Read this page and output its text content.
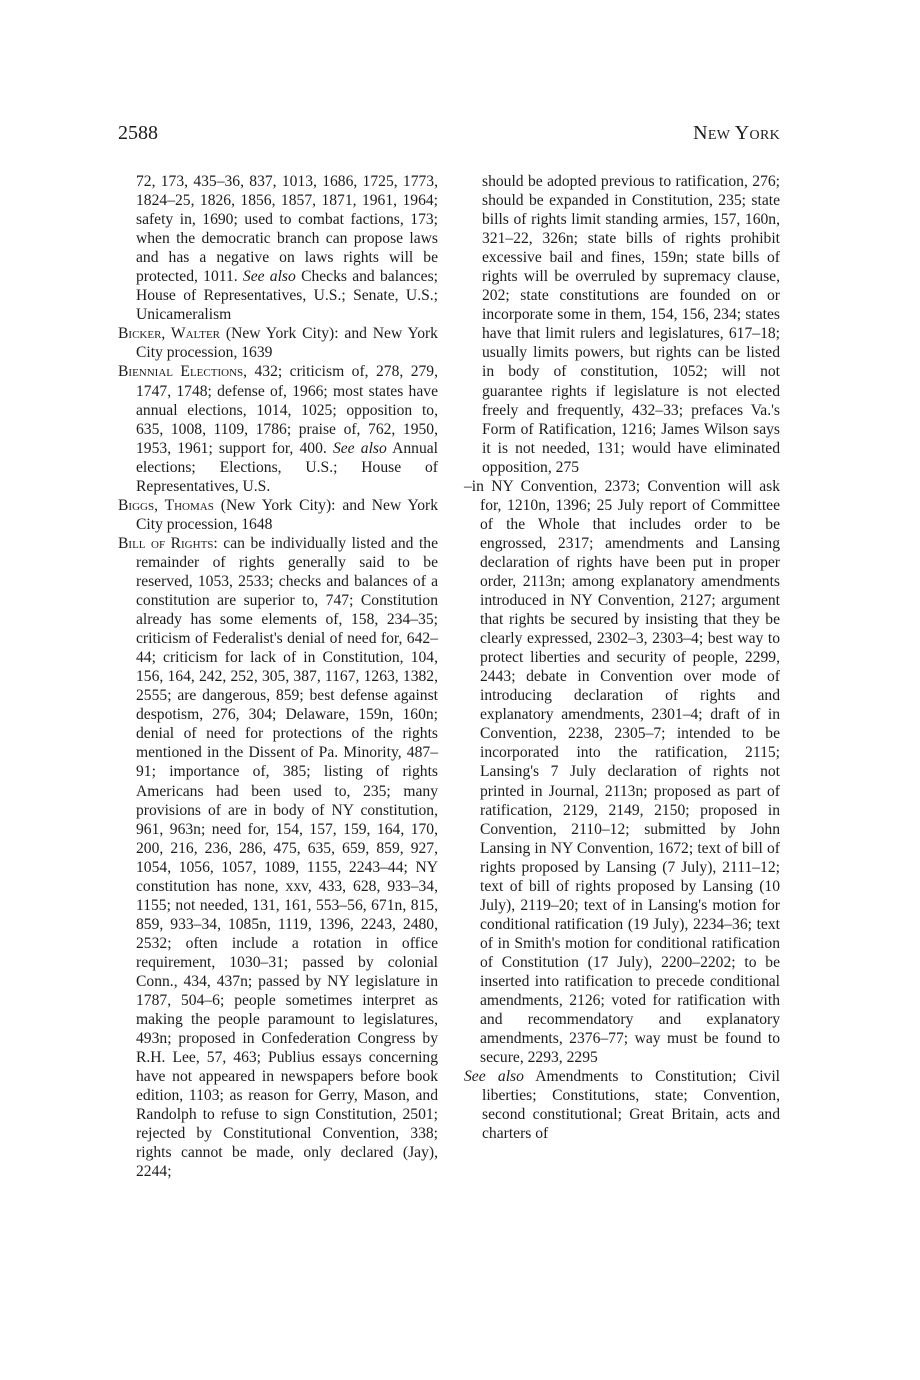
2588	New York

72, 173, 435–36, 837, 1013, 1686, 1725, 1773, 1824–25, 1826, 1856, 1857, 1871, 1961, 1964; safety in, 1690; used to combat factions, 173; when the democratic branch can propose laws and has a negative on laws rights will be protected, 1011. See also Checks and balances; House of Representatives, U.S.; Senate, U.S.; Unicameralism

Bicker, Walter (New York City): and New York City procession, 1639

Biennial Elections, 432; criticism of, 278, 279, 1747, 1748; defense of, 1966; most states have annual elections, 1014, 1025; opposition to, 635, 1008, 1109, 1786; praise of, 762, 1950, 1953, 1961; support for, 400. See also Annual elections; Elections, U.S.; House of Representatives, U.S.

Biggs, Thomas (New York City): and New York City procession, 1648

Bill of Rights: can be individually listed and the remainder of rights generally said to be reserved, 1053, 2533; checks and balances of a constitution are superior to, 747; Constitution already has some elements of, 158, 234–35; criticism of Federalist's denial of need for, 642–44; criticism for lack of in Constitution, 104, 156, 164, 242, 252, 305, 387, 1167, 1263, 1382, 2555; are dangerous, 859; best defense against despotism, 276, 304; Delaware, 159n, 160n; denial of need for protections of the rights mentioned in the Dissent of Pa. Minority, 487–91; importance of, 385; listing of rights Americans had been used to, 235; many provisions of are in body of NY constitution, 961, 963n; need for, 154, 157, 159, 164, 170, 200, 216, 236, 286, 475, 635, 659, 859, 927, 1054, 1056, 1057, 1089, 1155, 2243–44; NY constitution has none, xxv, 433, 628, 933–34, 1155; not needed, 131, 161, 553–56, 671n, 815, 859, 933–34, 1085n, 1119, 1396, 2243, 2480, 2532; often include a rotation in office requirement, 1030–31; passed by colonial Conn., 434, 437n; passed by NY legislature in 1787, 504–6; people sometimes interpret as making the people paramount to legislatures, 493n; proposed in Confederation Congress by R.H. Lee, 57, 463; Publius essays concerning have not appeared in newspapers before book edition, 1103; as reason for Gerry, Mason, and Randolph to refuse to sign Constitution, 2501; rejected by Constitutional Convention, 338; rights cannot be made, only declared (Jay), 2244;

should be adopted previous to ratification, 276; should be expanded in Constitution, 235; state bills of rights limit standing armies, 157, 160n, 321–22, 326n; state bills of rights prohibit excessive bail and fines, 159n; state bills of rights will be overruled by supremacy clause, 202; state constitutions are founded on or incorporate some in them, 154, 156, 234; states have that limit rulers and legislatures, 617–18; usually limits powers, but rights can be listed in body of constitution, 1052; will not guarantee rights if legislature is not elected freely and frequently, 432–33; prefaces Va.'s Form of Ratification, 1216; James Wilson says it is not needed, 131; would have eliminated opposition, 275

–in NY Convention, 2373; Convention will ask for, 1210n, 1396; 25 July report of Committee of the Whole that includes order to be engrossed, 2317; amendments and Lansing declaration of rights have been put in proper order, 2113n; among explanatory amendments introduced in NY Convention, 2127; argument that rights be secured by insisting that they be clearly expressed, 2302–3, 2303–4; best way to protect liberties and security of people, 2299, 2443; debate in Convention over mode of introducing declaration of rights and explanatory amendments, 2301–4; draft of in Convention, 2238, 2305–7; intended to be incorporated into the ratification, 2115; Lansing's 7 July declaration of rights not printed in Journal, 2113n; proposed as part of ratification, 2129, 2149, 2150; proposed in Convention, 2110–12; submitted by John Lansing in NY Convention, 1672; text of bill of rights proposed by Lansing (7 July), 2111–12; text of bill of rights proposed by Lansing (10 July), 2119–20; text of in Lansing's motion for conditional ratification (19 July), 2234–36; text of in Smith's motion for conditional ratification of Constitution (17 July), 2200–2202; to be inserted into ratification to precede conditional amendments, 2126; voted for ratification with and recommendatory and explanatory amendments, 2376–77; way must be found to secure, 2293, 2295

See also Amendments to Constitution; Civil liberties; Constitutions, state; Convention, second constitutional; Great Britain, acts and charters of
